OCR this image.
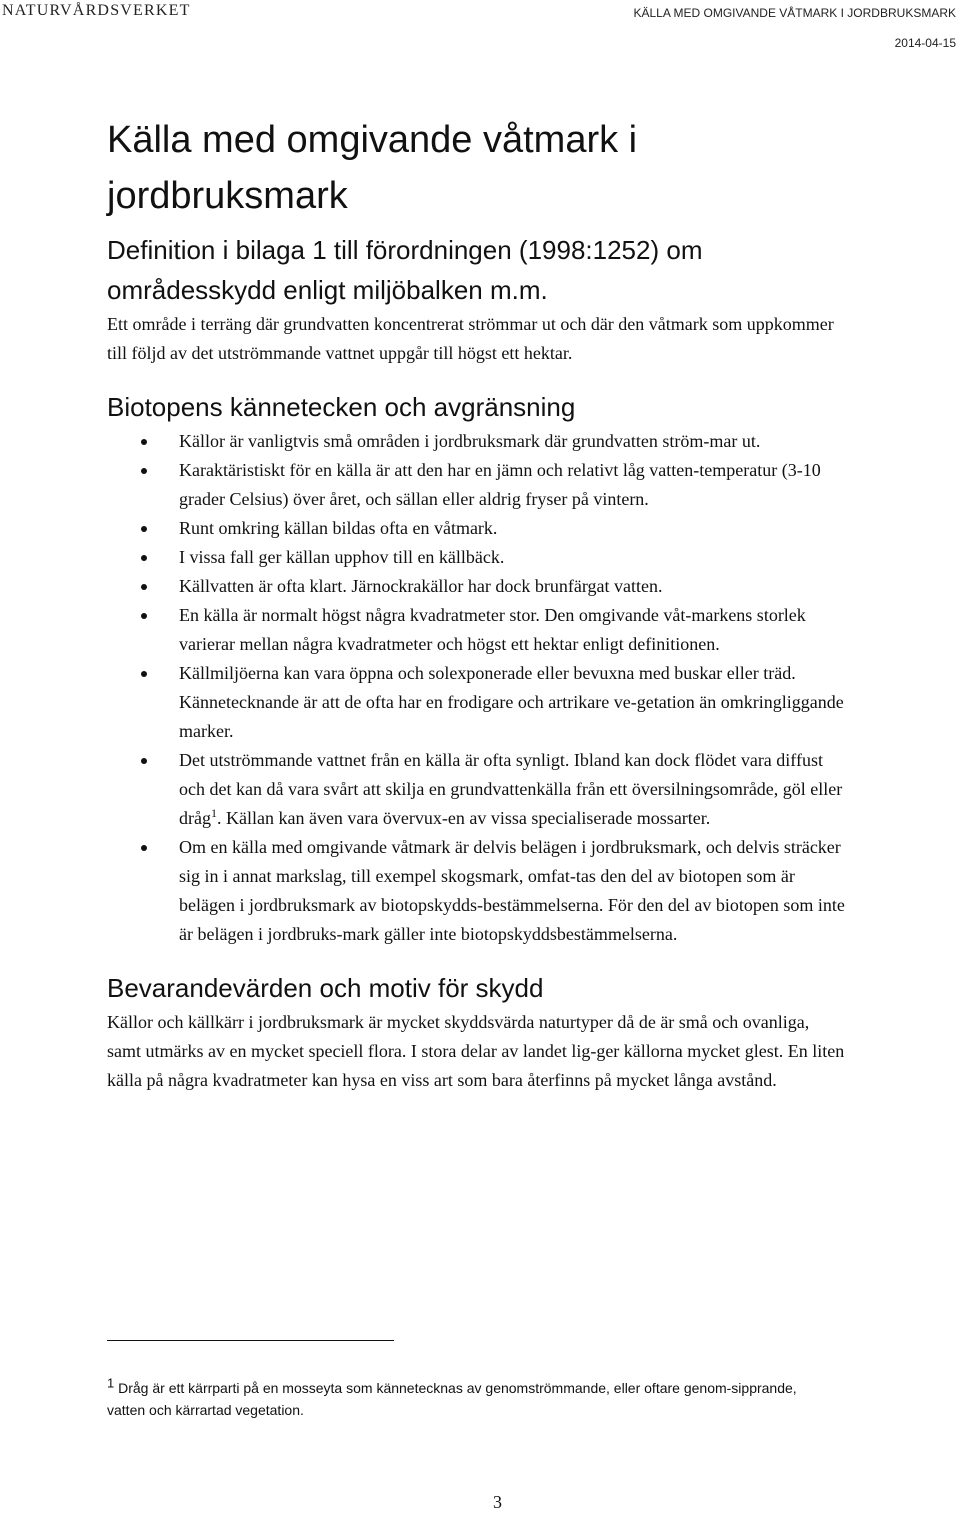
NATURVÅRDSVERKET	KÄLLA MED OMGIVANDE VÅTMARK I JORDBRUKSMARK
2014-04-15
Källa med omgivande våtmark i jordbruksmark
Definition i bilaga 1 till förordningen (1998:1252) om områdesskydd enligt miljöbalken m.m.

Ett område i terräng där grundvatten koncentrerat strömmar ut och där den våtmark som uppkommer till följd av det utströmmande vattnet uppgår till högst ett hektar.

Biotopens kännetecken och avgränsning
Källor är vanligtvis små områden i jordbruksmark där grundvatten ström-mar ut.
Karaktäristiskt för en källa är att den har en jämn och relativt låg vatten-temperatur (3-10 grader Celsius) över året, och sällan eller aldrig fryser på vintern.
Runt omkring källan bildas ofta en våtmark.
I vissa fall ger källan upphov till en källbäck.
Källvatten är ofta klart. Järnockrakällor har dock brunfärgat vatten.
En källa är normalt högst några kvadratmeter stor. Den omgivande våt-markens storlek varierar mellan några kvadratmeter och högst ett hektar enligt definitionen.
Källmiljöerna kan vara öppna och solexponerade eller bevuxna med buskar eller träd. Kännetecknande är att de ofta har en frodigare och artrikare ve-getation än omkringliggande marker.
Det utströmmande vattnet från en källa är ofta synligt. Ibland kan dock flödet vara diffust och det kan då vara svårt att skilja en grundvattenkälla från ett översilningsområde, göl eller dråg$^1$. Källan kan även vara övervux-en av vissa specialiserade mossarter.
Om en källa med omgivande våtmark är delvis belägen i jordbruksmark, och delvis sträcker sig in i annat markslag, till exempel skogsmark, omfat-tas den del av biotopen som är belägen i jordbruksmark av biotopskydds-bestämmelserna. För den del av biotopen som inte är belägen i jordbruks-mark gäller inte biotopskyddsbestämmelserna.
Bevarandevärden och motiv för skydd

Källor och källkärr i jordbruksmark är mycket skyddsvärda naturtyper då de är små och ovanliga, samt utmärks av en mycket speciell flora. I stora delar av landet lig-ger källorna mycket glest. En liten källa på några kvadratmeter kan hysa en viss art som bara återfinns på mycket långa avstånd.

$^1$ Dråg är ett kärrparti på en mosseyta som kännetecknas av genomströmmande, eller oftare genom-sipprande, vatten och kärrartad vegetation.
3
